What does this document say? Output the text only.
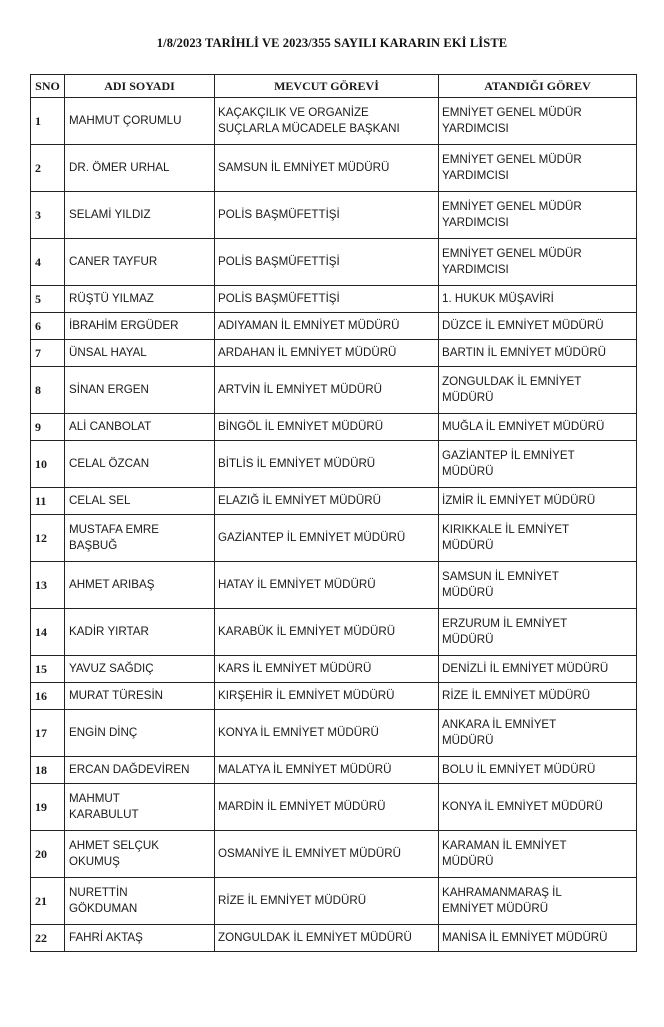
1/8/2023 TARİHLİ VE 2023/355 SAYILI KARARIN EKİ LİSTE
SNO	ADI SOYADI	MEVCUT GÖREVİ	ATANDIĞI GÖREV

1	MAHMUT ÇORUMLU	KAÇAKÇILIK VE ORGANİZE
SUÇLARLA MÜCADELE BAŞKANI	EMNİYET GENEL MÜDÜR
YARDIMCISI

2	DR. ÖMER URHAL	SAMSUN İL EMNİYET MÜDÜRÜ	EMNİYET GENEL MÜDÜR
YARDIMCISI

3	SELAMİ YILDIZ	POLİS BAŞMÜFETTİŞİ	EMNİYET GENEL MÜDÜR
YARDIMCISI

4	CANER TAYFUR	POLİS BAŞMÜFETTİŞİ	EMNİYET GENEL MÜDÜR
YARDIMCISI

5	RÜŞTÜ YILMAZ	POLİS BAŞMÜFETTİŞİ	1. HUKUK MÜŞAVİRİ

6	İBRAHİM ERGÜDER	ADIYAMAN İL EMNİYET MÜDÜRÜ	DÜZCE İL EMNİYET MÜDÜRÜ

7	ÜNSAL HAYAL	ARDAHAN İL EMNİYET MÜDÜRÜ	BARTIN İL EMNİYET MÜDÜRÜ

8	SİNAN ERGEN	ARTVİN İL EMNİYET MÜDÜRÜ	ZONGULDAK İL EMNİYET
MÜDÜRÜ

9	ALİ CANBOLAT	BİNGÖL İL EMNİYET MÜDÜRÜ	MUĞLA İL EMNİYET MÜDÜRÜ

10	CELAL ÖZCAN	BİTLİS İL EMNİYET MÜDÜRÜ	GAZİANTEP İL EMNİYET
MÜDÜRÜ

11	CELAL SEL	ELAZIĞ İL EMNİYET MÜDÜRÜ	İZMİR İL EMNİYET MÜDÜRÜ

12	MUSTAFA EMRE
BAŞBUĞ	GAZİANTEP İL EMNİYET MÜDÜRÜ	KIRIKKALE İL EMNİYET
MÜDÜRÜ

13	AHMET ARIBAŞ	HATAY İL EMNİYET MÜDÜRÜ	SAMSUN İL EMNİYET
MÜDÜRÜ

14	KADİR YIRTAR	KARABÜK İL EMNİYET MÜDÜRÜ	ERZURUM İL EMNİYET
MÜDÜRÜ

15	YAVUZ SAĞDIÇ	KARS İL EMNİYET MÜDÜRÜ	DENİZLİ İL EMNİYET MÜDÜRÜ

16	MURAT TÜRESİN	KIRŞEHİR İL EMNİYET MÜDÜRÜ	RİZE İL EMNİYET MÜDÜRÜ

17	ENGİN DİNÇ	KONYA İL EMNİYET MÜDÜRÜ	ANKARA İL EMNİYET
MÜDÜRÜ

18	ERCAN DAĞDEVİREN	MALATYA İL EMNİYET MÜDÜRÜ	BOLU İL EMNİYET MÜDÜRÜ

19	MAHMUT
KARABULUT	MARDİN İL EMNİYET MÜDÜRÜ	KONYA İL EMNİYET MÜDÜRÜ

20	AHMET SELÇUK
OKUMUŞ	OSMANİYE İL EMNİYET MÜDÜRÜ	KARAMAN İL EMNİYET
MÜDÜRÜ

21	NURETTİN
GÖKDUMAN	RİZE İL EMNİYET MÜDÜRÜ	KAHRAMANMARAŞ İL
EMNİYET MÜDÜRÜ

22	FAHRİ AKTAŞ	ZONGULDAK İL EMNİYET MÜDÜRÜ	MANİSA İL EMNİYET MÜDÜRÜ
